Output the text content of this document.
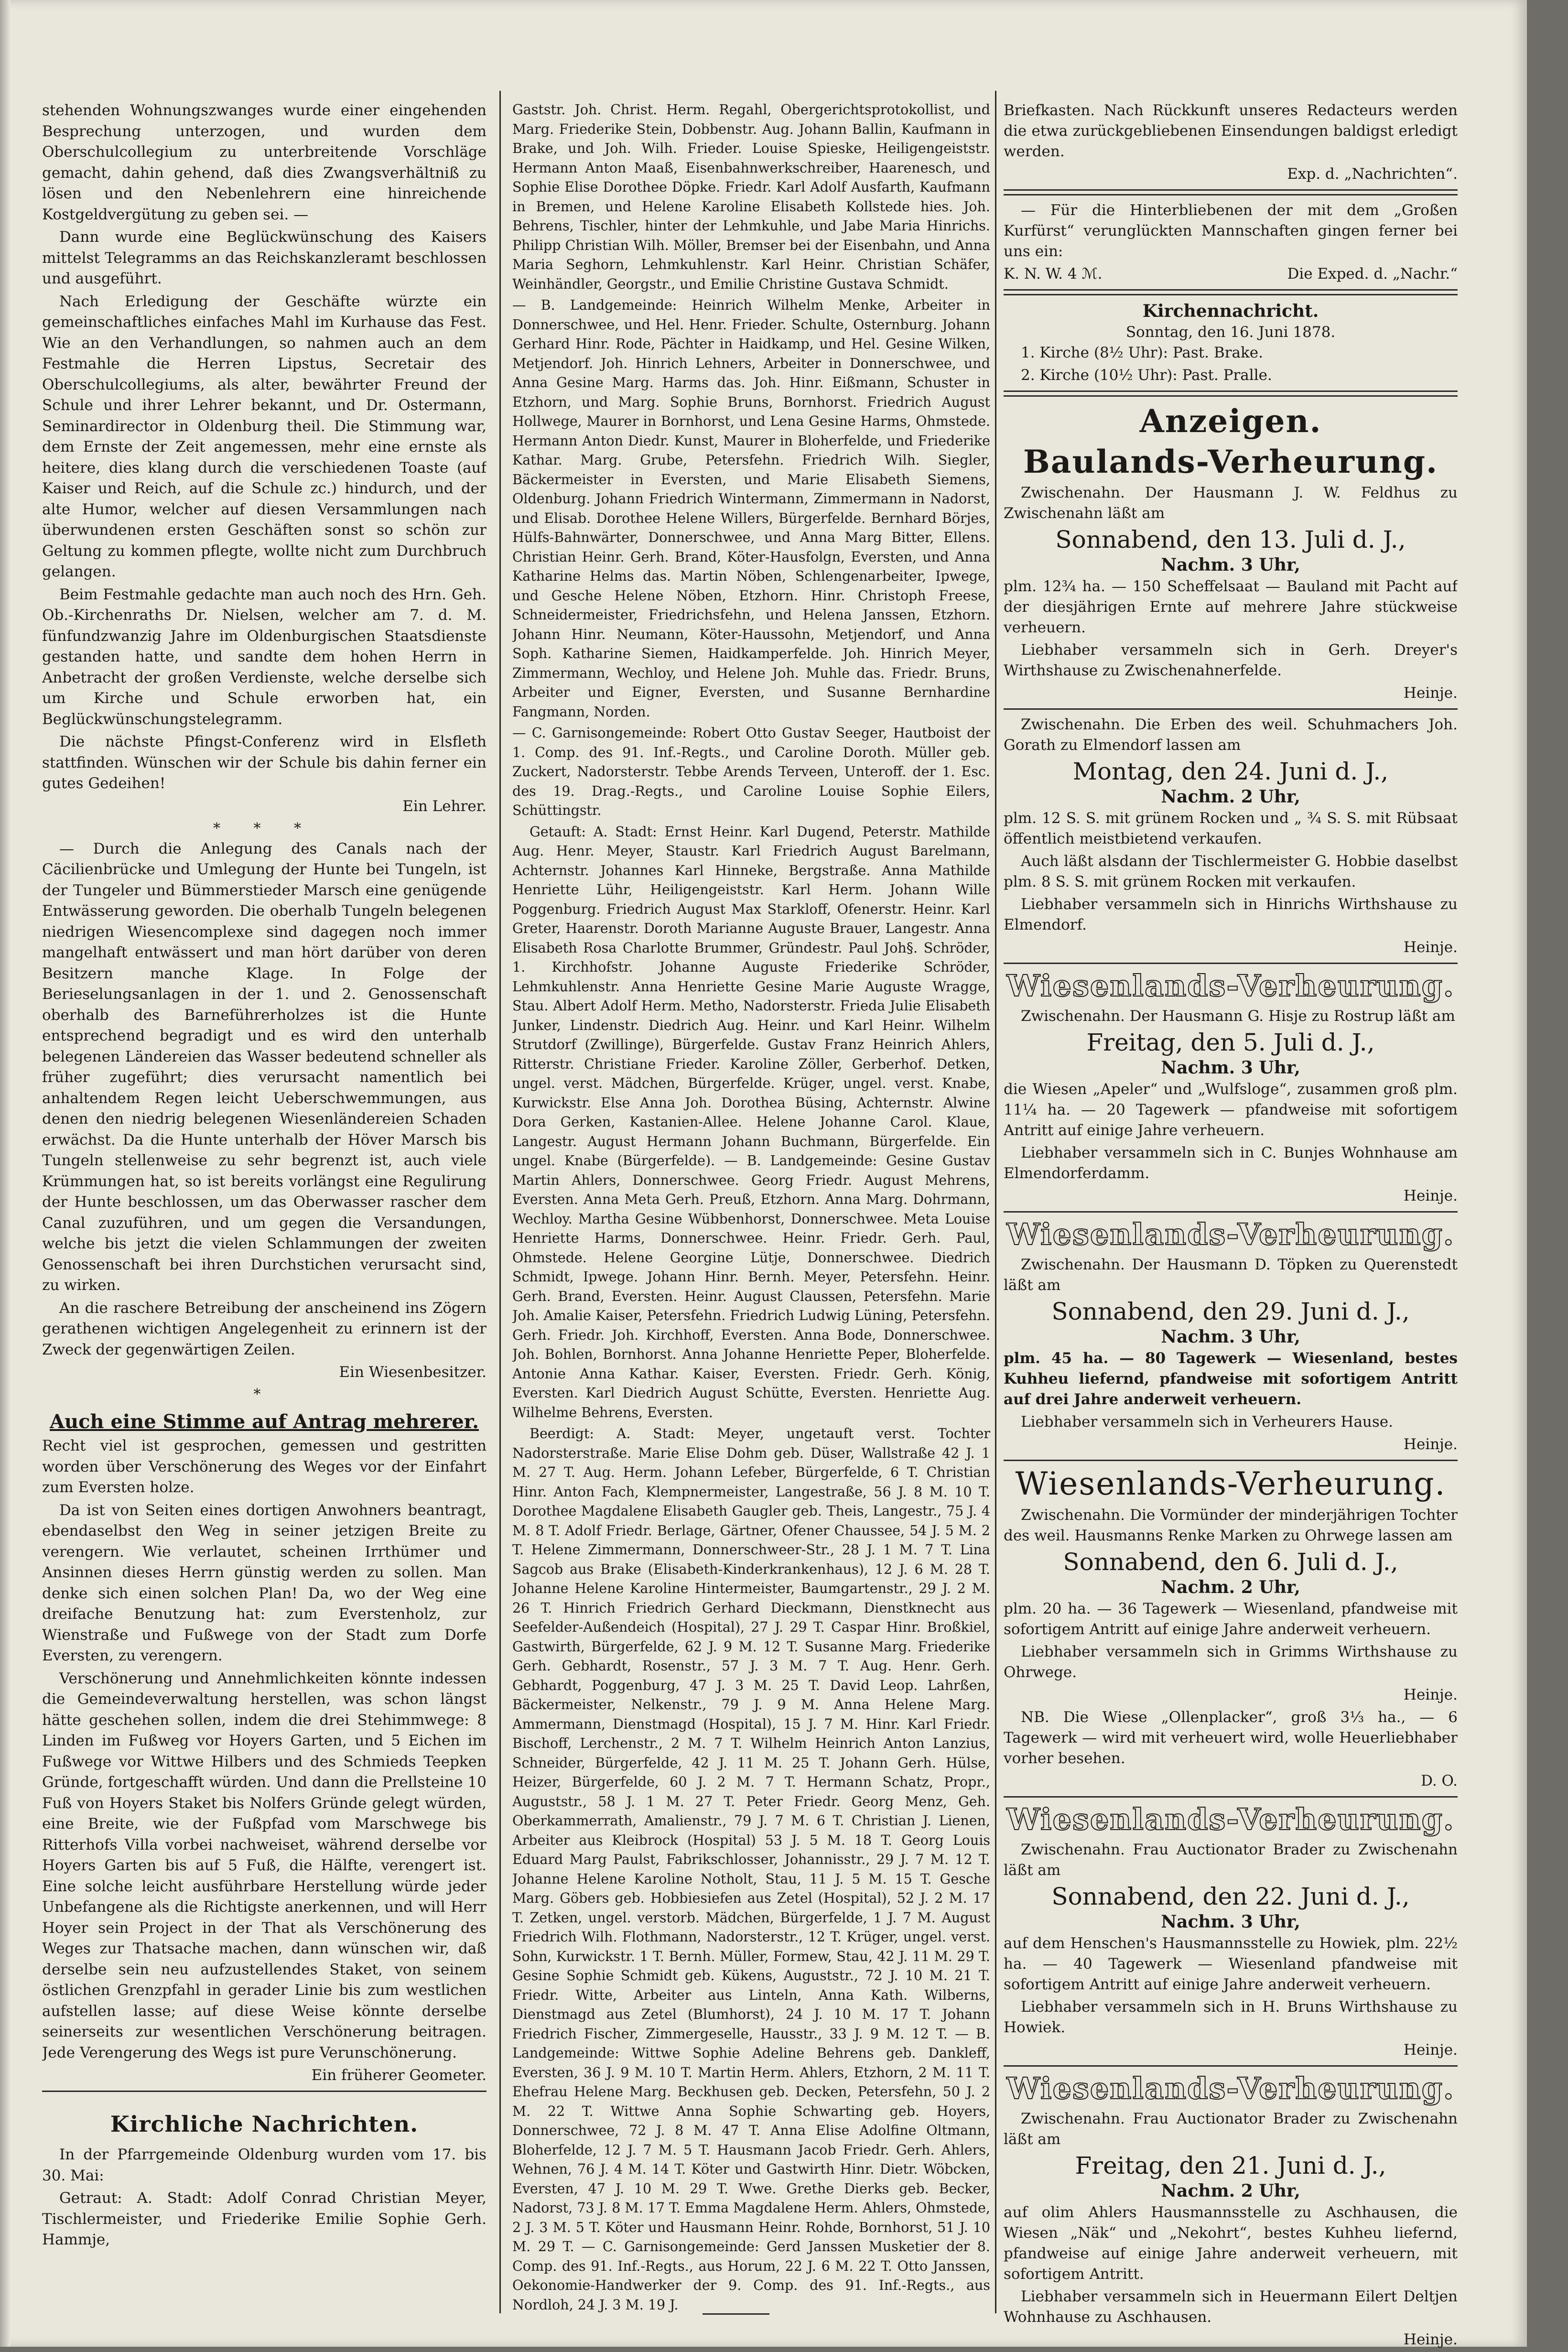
stehenden Wohnungszwanges wurde einer eingehenden Besprechung unterzogen, und wurden dem Oberschulcollegium zu unterbreitende Vorschläge gemacht, dahin gehend, daß dies Zwangsverhältniß zu lösen und den Nebenlehrern eine hinreichende Kostgeldvergütung zu geben sei. —

Dann wurde eine Beglückwünschung des Kaisers mittelst Telegramms an das Reichskanzleramt beschlossen und ausgeführt.

Nach Erledigung der Geschäfte würzte ein gemeinschaftliches einfaches Mahl im Kurhause das Fest. Wie an den Verhandlungen, so nahmen auch an dem Festmahle die Herren Lipstus, Secretair des Oberschulcollegiums, als alter, bewährter Freund der Schule und ihrer Lehrer bekannt, und Dr. Ostermann, Seminardirector in Oldenburg theil. Die Stimmung war, dem Ernste der Zeit angemessen, mehr eine ernste als heitere, dies klang durch die verschiedenen Toaste (auf Kaiser und Reich, auf die Schule zc.) hindurch, und der alte Humor, welcher auf diesen Versammlungen nach überwundenen ersten Geschäften sonst so schön zur Geltung zu kommen pflegte, wollte nicht zum Durchbruch gelangen.

Beim Festmahle gedachte man auch noch des Hrn. Geh. Ob.-Kirchenraths Dr. Nielsen, welcher am 7. d. M. fünfundzwanzig Jahre im Oldenburgischen Staatsdienste gestanden hatte, und sandte dem hohen Herrn in Anbetracht der großen Verdienste, welche derselbe sich um Kirche und Schule erworben hat, ein Beglückwünschungstelegramm.

Die nächste Pfingst-Conferenz wird in Elsfleth stattfinden. Wünschen wir der Schule bis dahin ferner ein gutes Gedeihen!

Ein Lehrer.
* * *

— Durch die Anlegung des Canals nach der Cäcilienbrücke und Umlegung der Hunte bei Tungeln, ist der Tungeler und Bümmerstieder Marsch eine genügende Entwässerung geworden. Die oberhalb Tungeln belegenen niedrigen Wiesencomplexe sind dagegen noch immer mangelhaft entwässert und man hört darüber von deren Besitzern manche Klage. In Folge der Berieselungsanlagen in der 1. und 2. Genossenschaft oberhalb des Barneführerholzes ist die Hunte entsprechend begradigt und es wird den unterhalb belegenen Ländereien das Wasser bedeutend schneller als früher zugeführt; dies verursacht namentlich bei anhaltendem Regen leicht Ueberschwemmungen, aus denen den niedrig belegenen Wiesenländereien Schaden erwächst. Da die Hunte unterhalb der Höver Marsch bis Tungeln stellenweise zu sehr begrenzt ist, auch viele Krümmungen hat, so ist bereits vorlängst eine Regulirung der Hunte beschlossen, um das Oberwasser rascher dem Canal zuzuführen, und um gegen die Versandungen, welche bis jetzt die vielen Schlammungen der zweiten Genossenschaft bei ihren Durchstichen verursacht sind, zu wirken.

An die raschere Betreibung der anscheinend ins Zögern gerathenen wichtigen Angelegenheit zu erinnern ist der Zweck der gegenwärtigen Zeilen.

Ein Wiesenbesitzer.
*
Auch eine Stimme auf Antrag mehrerer.

Recht viel ist gesprochen, gemessen und gestritten worden über Verschönerung des Weges vor der Einfahrt zum Eversten holze.

Da ist von Seiten eines dortigen Anwohners beantragt, ebendaselbst den Weg in seiner jetzigen Breite zu verengern. Wie verlautet, scheinen Irrthümer und Ansinnen dieses Herrn günstig werden zu sollen. Man denke sich einen solchen Plan! Da, wo der Weg eine dreifache Benutzung hat: zum Everstenholz, zur Wienstraße und Fußwege von der Stadt zum Dorfe Eversten, zu verengern.

Verschönerung und Annehmlichkeiten könnte indessen die Gemeindeverwaltung herstellen, was schon längst hätte geschehen sollen, indem die drei Stehimmwege: 8 Linden im Fußweg vor Hoyers Garten, und 5 Eichen im Fußwege vor Wittwe Hilbers und des Schmieds Teepken Gründe, fortgeschafft würden. Und dann die Prellsteine 10 Fuß von Hoyers Staket bis Nolfers Gründe gelegt würden, eine Breite, wie der Fußpfad vom Marschwege bis Ritterhofs Villa vorbei nachweiset, während derselbe vor Hoyers Garten bis auf 5 Fuß, die Hälfte, verengert ist. Eine solche leicht ausführbare Herstellung würde jeder Unbefangene als die Richtigste anerkennen, und will Herr Hoyer sein Project in der That als Verschönerung des Weges zur Thatsache machen, dann wünschen wir, daß derselbe sein neu aufzustellendes Staket, von seinem östlichen Grenzpfahl in gerader Linie bis zum westlichen aufstellen lasse; auf diese Weise könnte derselbe seinerseits zur wesentlichen Verschönerung beitragen. Jede Verengerung des Wegs ist pure Verunschönerung.

Ein früherer Geometer.
Kirchliche Nachrichten.

In der Pfarrgemeinde Oldenburg wurden vom 17. bis 30. Mai:

Getraut: A. Stadt: Adolf Conrad Christian Meyer, Tischlermeister, und Friederike Emilie Sophie Gerh. Hammje,

Gaststr. Joh. Christ. Herm. Regahl, Obergerichtsprotokollist, und Marg. Friederike Stein, Dobbenstr. Aug. Johann Ballin, Kaufmann in Brake, und Joh. Wilh. Frieder. Louise Spieske, Heiligengeiststr. Hermann Anton Maaß, Eisenbahnwerkschreiber, Haarenesch, und Sophie Elise Dorothee Döpke. Friedr. Karl Adolf Ausfarth, Kaufmann in Bremen, und Helene Karoline Elisabeth Kollstede hies. Joh. Behrens, Tischler, hinter der Lehmkuhle, und Jabe Maria Hinrichs. Philipp Christian Wilh. Möller, Bremser bei der Eisenbahn, und Anna Maria Seghorn, Lehmkuhlenstr. Karl Heinr. Christian Schäfer, Weinhändler, Georgstr., und Emilie Christine Gustava Schmidt.

— B. Landgemeinde: Heinrich Wilhelm Menke, Arbeiter in Donnerschwee, und Hel. Henr. Frieder. Schulte, Osternburg. Johann Gerhard Hinr. Rode, Pächter in Haidkamp, und Hel. Gesine Wilken, Metjendorf. Joh. Hinrich Lehners, Arbeiter in Donnerschwee, und Anna Gesine Marg. Harms das. Joh. Hinr. Eißmann, Schuster in Etzhorn, und Marg. Sophie Bruns, Bornhorst. Friedrich August Hollwege, Maurer in Bornhorst, und Lena Gesine Harms, Ohmstede. Hermann Anton Diedr. Kunst, Maurer in Bloherfelde, und Friederike Kathar. Marg. Grube, Petersfehn. Friedrich Wilh. Siegler, Bäckermeister in Eversten, und Marie Elisabeth Siemens, Oldenburg. Johann Friedrich Wintermann, Zimmermann in Nadorst, und Elisab. Dorothee Helene Willers, Bürgerfelde. Bernhard Börjes, Hülfs-Bahnwärter, Donnerschwee, und Anna Marg Bitter, Ellens. Christian Heinr. Gerh. Brand, Köter-Hausfolgn, Eversten, und Anna Katharine Helms das. Martin Nöben, Schlengenarbeiter, Ipwege, und Gesche Helene Nöben, Etzhorn. Hinr. Christoph Freese, Schneidermeister, Friedrichsfehn, und Helena Janssen, Etzhorn. Johann Hinr. Neumann, Köter-Haussohn, Metjendorf, und Anna Soph. Katharine Siemen, Haidkamperfelde. Joh. Hinrich Meyer, Zimmermann, Wechloy, und Helene Joh. Muhle das. Friedr. Bruns, Arbeiter und Eigner, Eversten, und Susanne Bernhardine Fangmann, Norden.

— C. Garnisongemeinde: Robert Otto Gustav Seeger, Hautboist der 1. Comp. des 91. Inf.-Regts., und Caroline Doroth. Müller geb. Zuckert, Nadorsterstr. Tebbe Arends Terveen, Unteroff. der 1. Esc. des 19. Drag.-Regts., und Caroline Louise Sophie Eilers, Schüttingstr.

Getauft: A. Stadt: Ernst Heinr. Karl Dugend, Peterstr. Mathilde Aug. Henr. Meyer, Staustr. Karl Friedrich August Barelmann, Achternstr. Johannes Karl Hinneke, Bergstraße. Anna Mathilde Henriette Lühr, Heiligengeiststr. Karl Herm. Johann Wille Poggenburg. Friedrich August Max Starkloff, Ofenerstr. Heinr. Karl Greter, Haarenstr. Doroth Marianne Auguste Brauer, Langestr. Anna Elisabeth Rosa Charlotte Brummer, Gründestr. Paul Joh§. Schröder, 1. Kirchhofstr. Johanne Auguste Friederike Schröder, Lehmkuhlenstr. Anna Henriette Gesine Marie Auguste Wragge, Stau. Albert Adolf Herm. Metho, Nadorsterstr. Frieda Julie Elisabeth Junker, Lindenstr. Diedrich Aug. Heinr. und Karl Heinr. Wilhelm Strutdorf (Zwillinge), Bürgerfelde. Gustav Franz Heinrich Ahlers, Ritterstr. Christiane Frieder. Karoline Zöller, Gerberhof. Detken, ungel. verst. Mädchen, Bürgerfelde. Krüger, ungel. verst. Knabe, Kurwickstr. Else Anna Joh. Dorothea Büsing, Achternstr. Alwine Dora Gerken, Kastanien-Allee. Helene Johanne Carol. Klaue, Langestr. August Hermann Johann Buchmann, Bürgerfelde. Ein ungel. Knabe (Bürgerfelde). — B. Landgemeinde: Gesine Gustav Martin Ahlers, Donnerschwee. Georg Friedr. August Mehrens, Eversten. Anna Meta Gerh. Preuß, Etzhorn. Anna Marg. Dohrmann, Wechloy. Martha Gesine Wübbenhorst, Donnerschwee. Meta Louise Henriette Harms, Donnerschwee. Heinr. Friedr. Gerh. Paul, Ohmstede. Helene Georgine Lütje, Donnerschwee. Diedrich Schmidt, Ipwege. Johann Hinr. Bernh. Meyer, Petersfehn. Heinr. Gerh. Brand, Eversten. Heinr. August Claussen, Petersfehn. Marie Joh. Amalie Kaiser, Petersfehn. Friedrich Ludwig Lüning, Petersfehn. Gerh. Friedr. Joh. Kirchhoff, Eversten. Anna Bode, Donnerschwee. Joh. Bohlen, Bornhorst. Anna Johanne Henriette Peper, Bloherfelde. Antonie Anna Kathar. Kaiser, Eversten. Friedr. Gerh. König, Eversten. Karl Diedrich August Schütte, Eversten. Henriette Aug. Wilhelme Behrens, Eversten.

Beerdigt: A. Stadt: Meyer, ungetauft verst. Tochter Nadorsterstraße. Marie Elise Dohm geb. Düser, Wallstraße 42 J. 1 M. 27 T. Aug. Herm. Johann Lefeber, Bürgerfelde, 6 T. Christian Hinr. Anton Fach, Klempnermeister, Langestraße, 56 J. 8 M. 10 T. Dorothee Magdalene Elisabeth Gaugler geb. Theis, Langestr., 75 J. 4 M. 8 T. Adolf Friedr. Berlage, Gärtner, Ofener Chaussee, 54 J. 5 M. 2 T. Helene Zimmermann, Donnerschweer-Str., 28 J. 1 M. 7 T. Lina Sagcob aus Brake (Elisabeth-Kinderkrankenhaus), 12 J. 6 M. 28 T. Johanne Helene Karoline Hintermeister, Baumgartenstr., 29 J. 2 M. 26 T. Hinrich Friedrich Gerhard Dieckmann, Dienstknecht aus Seefelder-Außendeich (Hospital), 27 J. 29 T. Caspar Hinr. Broßkiel, Gastwirth, Bürgerfelde, 62 J. 9 M. 12 T. Susanne Marg. Friederike Gerh. Gebhardt, Rosenstr., 57 J. 3 M. 7 T. Aug. Henr. Gerh. Gebhardt, Poggenburg, 47 J. 3 M. 25 T. David Leop. Lahrßen, Bäckermeister, Nelkenstr., 79 J. 9 M. Anna Helene Marg. Ammermann, Dienstmagd (Hospital), 15 J. 7 M. Hinr. Karl Friedr. Bischoff, Lerchenstr., 2 M. 7 T. Wilhelm Heinrich Anton Lanzius, Schneider, Bürgerfelde, 42 J. 11 M. 25 T. Johann Gerh. Hülse, Heizer, Bürgerfelde, 60 J. 2 M. 7 T. Hermann Schatz, Propr., Auguststr., 58 J. 1 M. 27 T. Peter Friedr. Georg Menz, Geh. Oberkammerrath, Amalienstr., 79 J. 7 M. 6 T. Christian J. Lienen, Arbeiter aus Kleibrock (Hospital) 53 J. 5 M. 18 T. Georg Louis Eduard Marg Paulst, Fabrikschlosser, Johannisstr., 29 J. 7 M. 12 T. Johanne Helene Karoline Notholt, Stau, 11 J. 5 M. 15 T. Gesche Marg. Göbers geb. Hobbiesiefen aus Zetel (Hospital), 52 J. 2 M. 17 T. Zetken, ungel. verstorb. Mädchen, Bürgerfelde, 1 J. 7 M. August Friedrich Wilh. Flothmann, Nadorsterstr., 12 T. Krüger, ungel. verst. Sohn, Kurwickstr. 1 T. Bernh. Müller, Formew, Stau, 42 J. 11 M. 29 T. Gesine Sophie Schmidt geb. Kükens, Auguststr., 72 J. 10 M. 21 T. Friedr. Witte, Arbeiter aus Linteln, Anna Kath. Wilberns, Dienstmagd aus Zetel (Blumhorst), 24 J. 10 M. 17 T. Johann Friedrich Fischer, Zimmergeselle, Hausstr., 33 J. 9 M. 12 T. — B. Landgemeinde: Wittwe Sophie Adeline Behrens geb. Dankleff, Eversten, 36 J. 9 M. 10 T. Martin Herm. Ahlers, Etzhorn, 2 M. 11 T. Ehefrau Helene Marg. Beckhusen geb. Decken, Petersfehn, 50 J. 2 M. 22 T. Wittwe Anna Sophie Schwarting geb. Hoyers, Donnerschwee, 72 J. 8 M. 47 T. Anna Elise Adolfine Oltmann, Bloherfelde, 12 J. 7 M. 5 T. Hausmann Jacob Friedr. Gerh. Ahlers, Wehnen, 76 J. 4 M. 14 T. Köter und Gastwirth Hinr. Dietr. Wöbcken, Eversten, 47 J. 10 M. 29 T. Wwe. Grethe Dierks geb. Becker, Nadorst, 73 J. 8 M. 17 T. Emma Magdalene Herm. Ahlers, Ohmstede, 2 J. 3 M. 5 T. Köter und Hausmann Heinr. Rohde, Bornhorst, 51 J. 10 M. 29 T. — C. Garnisongemeinde: Gerd Janssen Musketier der 8. Comp. des 91. Inf.-Regts., aus Horum, 22 J. 6 M. 22 T. Otto Janssen, Oekonomie-Handwerker der 9. Comp. des 91. Inf.-Regts., aus Nordloh, 24 J. 3 M. 19 J.

Briefkasten. Nach Rückkunft unseres Redacteurs werden die etwa zurückgebliebenen Einsendungen baldigst erledigt werden.

Exp. d. „Nachrichten“.

— Für die Hinterbliebenen der mit dem „Großen Kurfürst“ verunglückten Mannschaften gingen ferner bei uns ein:

K. N. W. 4 ℳ.	Die Exped. d. „Nachr.“
Kirchennachricht.
Sonntag, den 16. Juni 1878.

1. Kirche (8½ Uhr): Past. Brake.

2. Kirche (10½ Uhr): Past. Pralle.

Anzeigen.
Baulands-Verheurung.

Zwischenahn. Der Hausmann J. W. Feldhus zu Zwischenahn läßt am

Sonnabend, den 13. Juli d. J.,
Nachm. 3 Uhr,

plm. 12¾ ha. — 150 Scheffelsaat — Bauland mit Pacht auf der diesjährigen Ernte auf mehrere Jahre stückweise verheuern.

Liebhaber versammeln sich in Gerh. Dreyer's Wirthshause zu Zwischenahnerfelde.

Heinje.

Zwischenahn. Die Erben des weil. Schuhmachers Joh. Gorath zu Elmendorf lassen am

Montag, den 24. Juni d. J.,
Nachm. 2 Uhr,

plm. 12 S. S. mit grünem Rocken und „ ¾ S. S. mit Rübsaat öffentlich meistbietend verkaufen.

Auch läßt alsdann der Tischlermeister G. Hobbie daselbst plm. 8 S. S. mit grünem Rocken mit verkaufen.

Liebhaber versammeln sich in Hinrichs Wirthshause zu Elmendorf.

Heinje.
Wiesenlands-Verheurung.

Zwischenahn. Der Hausmann G. Hisje zu Rostrup läßt am

Freitag, den 5. Juli d. J.,
Nachm. 3 Uhr,

die Wiesen „Apeler“ und „Wulfsloge“, zusammen groß plm. 11¼ ha. — 20 Tagewerk — pfandweise mit sofortigem Antritt auf einige Jahre verheuern.

Liebhaber versammeln sich in C. Bunjes Wohnhause am Elmendorferdamm.

Heinje.
Wiesenlands-Verheurung.

Zwischenahn. Der Hausmann D. Töpken zu Querenstedt läßt am

Sonnabend, den 29. Juni d. J.,
Nachm. 3 Uhr,

plm. 45 ha. — 80 Tagewerk — Wiesenland, bestes Kuhheu liefernd, pfandweise mit sofortigem Antritt auf drei Jahre anderweit verheuern.

Liebhaber versammeln sich in Verheurers Hause.

Heinje.
Wiesenlands-Verheurung.

Zwischenahn. Die Vormünder der minderjährigen Tochter des weil. Hausmanns Renke Marken zu Ohrwege lassen am

Sonnabend, den 6. Juli d. J.,
Nachm. 2 Uhr,

plm. 20 ha. — 36 Tagewerk — Wiesenland, pfandweise mit sofortigem Antritt auf einige Jahre anderweit verheuern.

Liebhaber versammeln sich in Grimms Wirthshause zu Ohrwege.

Heinje.

NB. Die Wiese „Ollenplacker“, groß 3⅓ ha., — 6 Tagewerk — wird mit verheuert wird, wolle Heuerliebhaber vorher besehen.

D. O.
Wiesenlands-Verheurung.

Zwischenahn. Frau Auctionator Brader zu Zwischenahn läßt am

Sonnabend, den 22. Juni d. J.,
Nachm. 3 Uhr,

auf dem Henschen's Hausmannsstelle zu Howiek, plm. 22½ ha. — 40 Tagewerk — Wiesenland pfandweise mit sofortigem Antritt auf einige Jahre anderweit verheuern.

Liebhaber versammeln sich in H. Bruns Wirthshause zu Howiek.

Heinje.
Wiesenlands-Verheurung.

Zwischenahn. Frau Auctionator Brader zu Zwischenahn läßt am

Freitag, den 21. Juni d. J.,
Nachm. 2 Uhr,

auf olim Ahlers Hausmannsstelle zu Aschhausen, die Wiesen „Näk“ und „Nekohrt“, bestes Kuhheu liefernd, pfandweise auf einige Jahre anderweit verheuern, mit sofortigem Antritt.

Liebhaber versammeln sich in Heuermann Eilert Deltjen Wohnhause zu Aschhausen.

Heinje.
